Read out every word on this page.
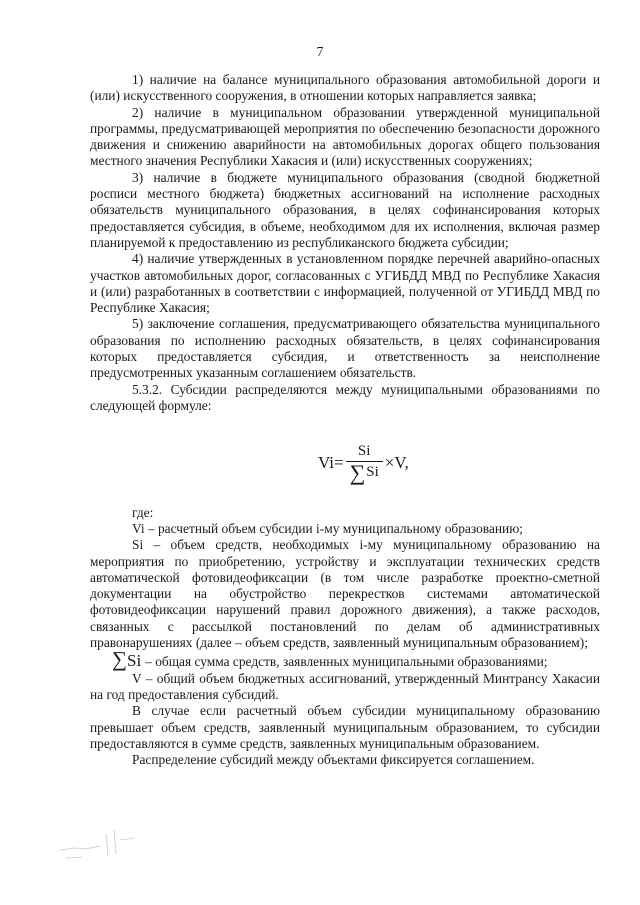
7

1) наличие на балансе муниципального образования автомобильной дороги и (или) искусственного сооружения, в отношении которых направляется заявка;

2) наличие в муниципальном образовании утвержденной муниципальной программы, предусматривающей мероприятия по обеспечению безопасности дорожного движения и снижению аварийности на автомобильных дорогах общего пользования местного значения Республики Хакасия и (или) искусственных сооружениях;

3) наличие в бюджете муниципального образования (сводной бюджетной росписи местного бюджета) бюджетных ассигнований на исполнение расходных обязательств муниципального образования, в целях софинансирования которых предоставляется субсидия, в объеме, необходимом для их исполнения, включая размер планируемой к предоставлению из республиканского бюджета субсидии;

4) наличие утвержденных в установленном порядке перечней аварийно-опасных участков автомобильных дорог, согласованных с УГИБДД МВД по Республике Хакасия и (или) разработанных в соответствии с информацией, полученной от УГИБДД МВД по Республике Хакасия;

5) заключение соглашения, предусматривающего обязательства муниципального образования по исполнению расходных обязательств, в целях софинансирования которых предоставляется субсидия, и ответственность за неисполнение предусмотренных указанным соглашением обязательств.

5.3.2. Субсидии распределяются между муниципальными образованиями по следующей формуле:

$Vi= \frac{Si}{\sum Si} \times V$,

где:

Vi – расчетный объем субсидии i-му муниципальному образованию;

Si – объем средств, необходимых i-му муниципальному образованию на мероприятия по приобретению, устройству и эксплуатации технических средств автоматической фотовидеофиксации (в том числе разработке проектно-сметной документации на обустройство перекрестков системами автоматической фотовидеофиксации нарушений правил дорожного движения), а также расходов, связанных с рассылкой постановлений по делам об административных правонарушениях (далее – объем средств, заявленный муниципальным образованием);

∑Si – общая сумма средств, заявленных муниципальными образованиями;

V – общий объем бюджетных ассигнований, утвержденный Минтрансу Хакасии на год предоставления субсидий.

В случае если расчетный объем субсидии муниципальному образованию превышает объем средств, заявленный муниципальным образованием, то субсидии предоставляются в сумме средств, заявленных муниципальным образованием.

Распределение субсидий между объектами фиксируется соглашением.
